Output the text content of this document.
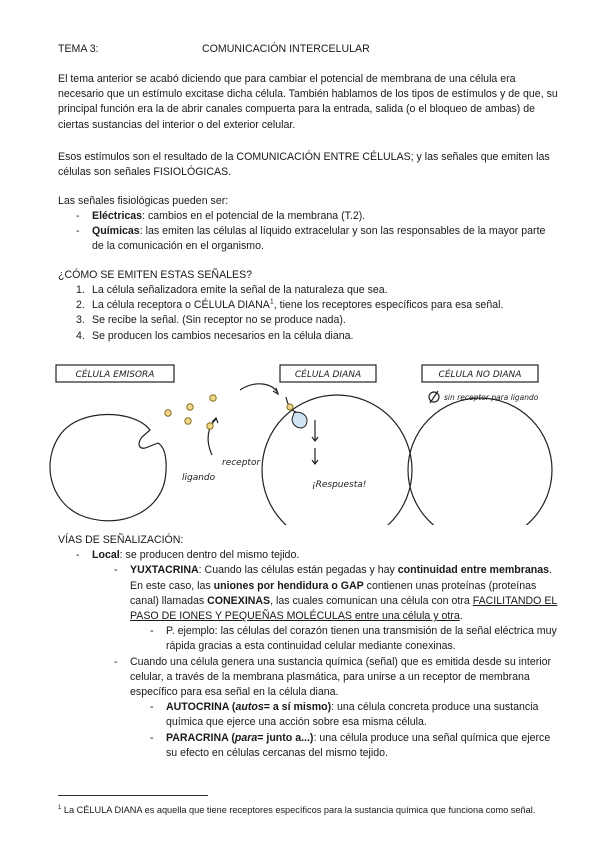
TEMA 3:	COMUNICACIÓN INTERCELULAR

El tema anterior se acabó diciendo que para cambiar el potencial de membrana de una célula era necesario que un estímulo excitase dicha célula. También hablamos de los tipos de estímulos y de que, su principal función era la de abrir canales compuerta para la entrada, salida (o el bloqueo de ambas) de ciertas sustancias del interior o del exterior celular.

Esos estímulos son el resultado de la COMUNICACIÓN ENTRE CÉLULAS; y las señales que emiten las células son señales FISIOLÓGICAS.

Las señales fisiológicas pueden ser:

- Eléctricas: cambios en el potencial de la membrana (T.2).
- Químicas: las emiten las células al líquido extracelular y son las responsables de la mayor parte de la comunicación en el organismo.

¿CÓMO SE EMITEN ESTAS SEÑALES?

1. La célula señalizadora emite la señal de la naturaleza que sea.
2. La célula receptora o CÉLULA DIANA$^1$, tiene los receptores específicos para esa señal.
3. Se recibe la señal. (Sin receptor no se produce nada).
4. Se producen los cambios necesarios en la célula diana.
CÉLULA EMISORA	CÉLULA DIANA	CÉLULA NO DIANA
sin receptor para ligando
receptor
ligando
¡Respuesta!

VÍAS DE SEÑALIZACIÓN:

- Local: se producen dentro del mismo tejido.
- YUXTACRINA: Cuando las células están pegadas y hay continuidad entre membranas. En este caso, las uniones por hendidura o GAP contienen unas proteínas (proteínas canal) llamadas CONEXINAS, las cuales comunican una célula con otra FACILITANDO EL PASO DE IONES Y PEQUEÑAS MOLÉCULAS entre una célula y otra.
- P. ejemplo: las células del corazón tienen una transmisión de la señal eléctrica muy rápida gracias a esta continuidad celular mediante conexinas.
- Cuando una célula genera una sustancia química (señal) que es emitida desde su interior celular, a través de la membrana plasmática, para unirse a un receptor de membrana específico para esa señal en la célula diana.
- AUTOCRINA (autos= a sí mismo): una célula concreta produce una sustancia química que ejerce una acción sobre esa misma célula.
- PARACRINA (para= junto a...): una célula produce una señal química que ejerce su efecto en células cercanas del mismo tejido.

$^1$ La CÉLULA DIANA es aquella que tiene receptores específicos para la sustancia química que funciona como señal.
